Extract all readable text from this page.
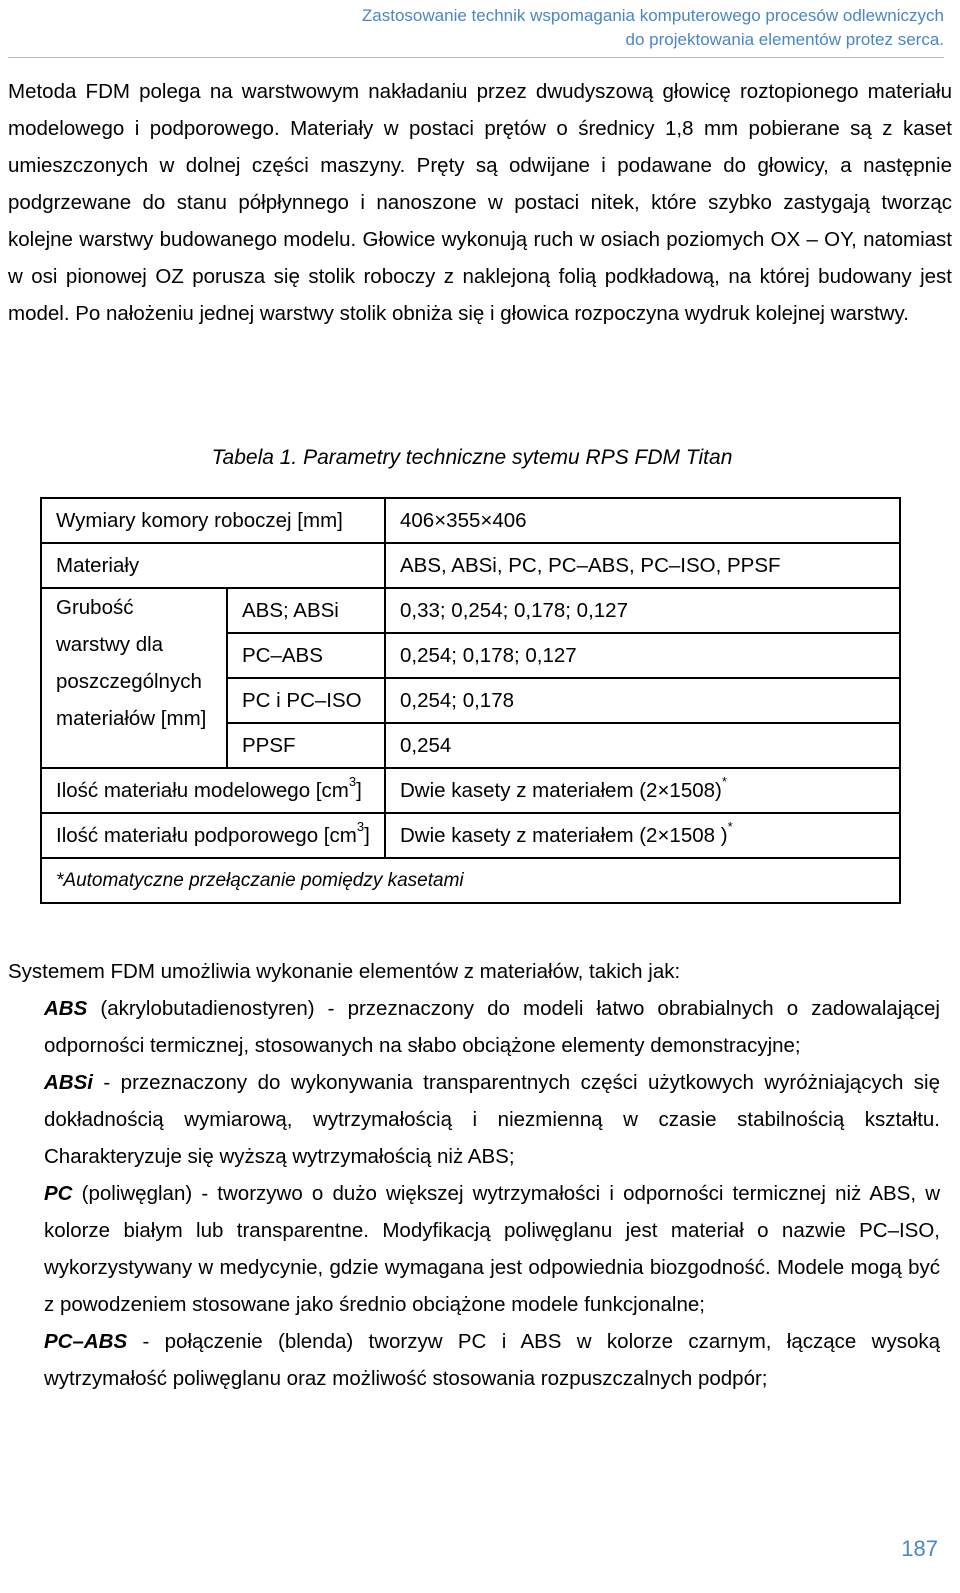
Zastosowanie technik wspomagania komputerowego procesów odlewniczych
do projektowania elementów protez serca.

Metoda FDM polega na warstwowym nakładaniu przez dwudyszową głowicę roztopionego materiału modelowego i podporowego. Materiały w postaci prętów o średnicy 1,8 mm pobierane są z kaset umieszczonych w dolnej części maszyny. Pręty są odwijane i podawane do głowicy, a następnie podgrzewane do stanu półpłynnego i nanoszone w postaci nitek, które szybko zastygają tworząc kolejne warstwy budowanego modelu. Głowice wykonują ruch w osiach poziomych OX – OY, natomiast w osi pionowej OZ porusza się stolik roboczy z naklejoną folią podkładową, na której budowany jest model. Po nałożeniu jednej warstwy stolik obniża się i głowica rozpoczyna wydruk kolejnej warstwy.

Tabela 1. Parametry techniczne sytemu RPS FDM Titan
Wymiary komory roboczej [mm]		406×355×406
Materiały		ABS, ABSi, PC, PC–ABS, PC–ISO, PPSF
Grubość warstwy dla poszczególnych materiałów [mm]	ABS; ABSi	0,33; 0,254; 0,178; 0,127
	PC–ABS	0,254; 0,178; 0,127
	PC i PC–ISO	0,254; 0,178
	PPSF	0,254
Ilość materiału modelowego $[cm^3]$		Dwie kasety z materiałem (2×1508)*
Ilość materiału podporowego $[cm^3]$		Dwie kasety z materiałem (2×1508 )*
*Automatyczne przełączanie pomiędzy kasetami		

Systemem FDM umożliwia wykonanie elementów z materiałów, takich jak:

ABS (akrylobutadienostyren) - przeznaczony do modeli łatwo obrabialnych o zadowalającej odporności termicznej, stosowanych na słabo obciążone elementy demonstracyjne;

ABSi - przeznaczony do wykonywania transparentnych części użytkowych wyróżniających się dokładnością wymiarową, wytrzymałością i niezmienną w czasie stabilnością kształtu. Charakteryzuje się wyższą wytrzymałością niż ABS;

PC (poliwęglan) - tworzywo o dużo większej wytrzymałości i odporności termicznej niż ABS, w kolorze białym lub transparentne. Modyfikacją poliwęglanu jest materiał o nazwie PC–ISO, wykorzystywany w medycynie, gdzie wymagana jest odpowiednia biozgodność. Modele mogą być z powodzeniem stosowane jako średnio obciążone modele funkcjonalne;

PC–ABS - połączenie (blenda) tworzyw PC i ABS w kolorze czarnym, łączące wysoką wytrzymałość poliwęglanu oraz możliwość stosowania rozpuszczalnych podpór;

187
